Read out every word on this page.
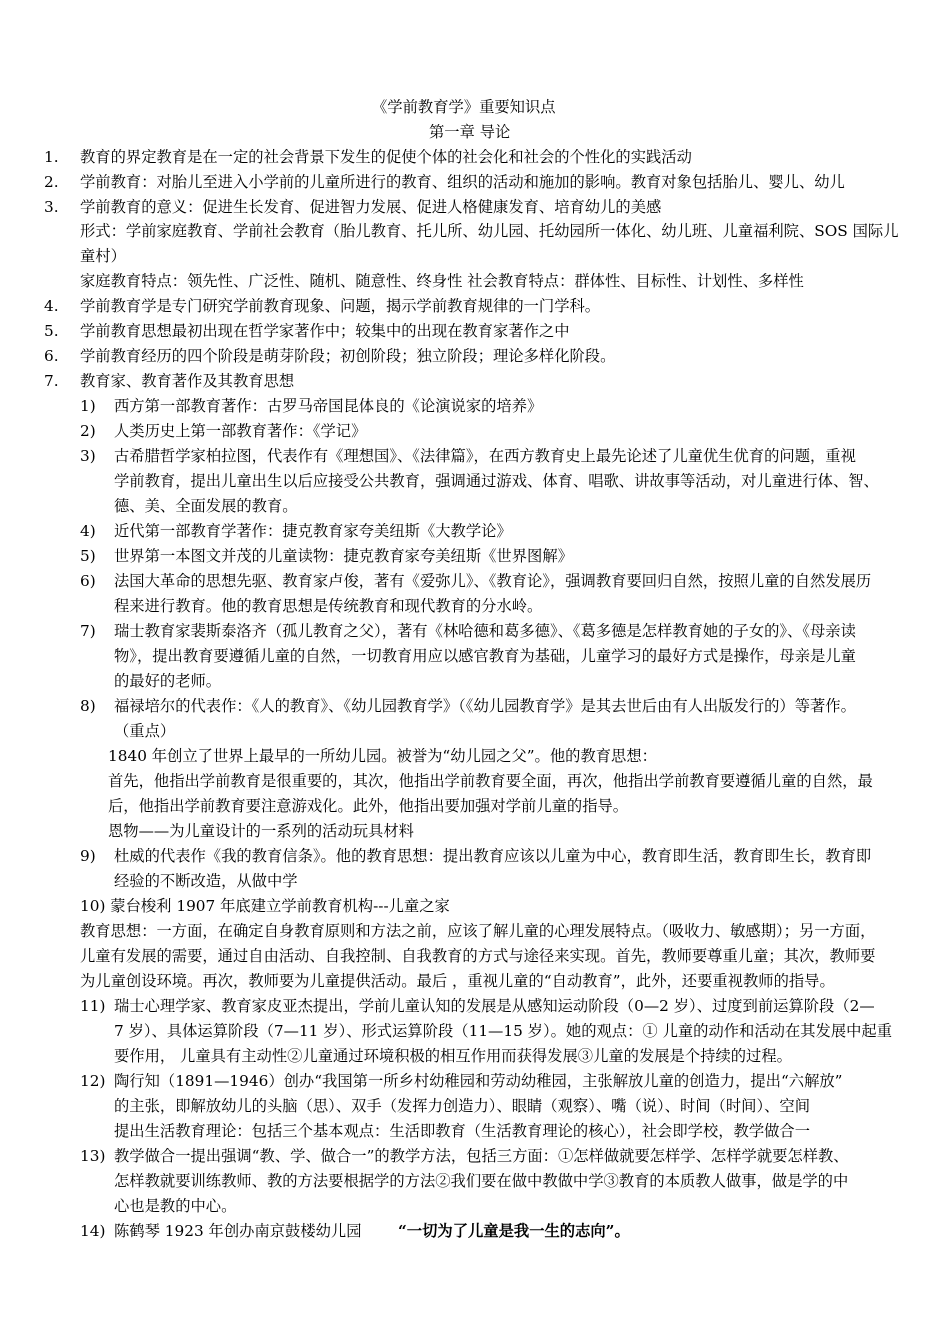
《学前教育学》重要知识点
第一章 导论
1. 教育的界定教育是在一定的社会背景下发生的促使个体的社会化和社会的个性化的实践活动
2. 学前教育：对胎儿至进入小学前的儿童所进行的教育、组织的活动和施加的影响。教育对象包括胎儿、婴儿、幼儿
3. 学前教育的意义：促进生长发育、促进智力发展、促进人格健康发育、培育幼儿的美感
形式：学前家庭教育、学前社会教育（胎儿教育、托儿所、幼儿园、托幼园所一体化、幼儿班、儿童福利院、SOS 国际儿
童村）
家庭教育特点：领先性、广泛性、随机、随意性、终身性 社会教育特点：群体性、目标性、计划性、多样性
4. 学前教育学是专门研究学前教育现象、问题，揭示学前教育规律的一门学科。
5. 学前教育思想最初出现在哲学家著作中；较集中的出现在教育家著作之中
6. 学前教育经历的四个阶段是萌芽阶段；初创阶段；独立阶段；理论多样化阶段。
7. 教育家、教育著作及其教育思想
1) 西方第一部教育著作：古罗马帝国昆体良的《论演说家的培养》
2) 人类历史上第一部教育著作：《学记》
3) 古希腊哲学家柏拉图，代表作有《理想国》、《法律篇》，在西方教育史上最先论述了儿童优生优育的问题，重视
学前教育，提出儿童出生以后应接受公共教育，强调通过游戏、体育、唱歌、讲故事等活动，对儿童进行体、智、
德、美、全面发展的教育。
4) 近代第一部教育学著作：捷克教育家夸美纽斯《大教学论》
5) 世界第一本图文并茂的儿童读物：捷克教育家夸美纽斯《世界图解》
6) 法国大革命的思想先驱、教育家卢俊，著有《爱弥儿》、《教育论》，强调教育要回归自然，按照儿童的自然发展历
程来进行教育。他的教育思想是传统教育和现代教育的分水岭。
7) 瑞士教育家裴斯泰洛齐（孤儿教育之父），著有《林哈德和葛多德》、《葛多德是怎样教育她的子女的》、《母亲读
物》，提出教育要遵循儿童的自然，一切教育用应以感官教育为基础，儿童学习的最好方式是操作，母亲是儿童
的最好的老师。
8) 福禄培尔的代表作：《人的教育》、《幼儿园教育学》（《幼儿园教育学》是其去世后由有人出版发行的）等著作。
（重点）
1840 年创立了世界上最早的一所幼儿园。被誉为“幼儿园之父”。他的教育思想：
首先，他指出学前教育是很重要的，其次，他指出学前教育要全面，再次，他指出学前教育要遵循儿童的自然，最
后，他指出学前教育要注意游戏化。此外，他指出要加强对学前儿童的指导。
恩物——为儿童设计的一系列的活动玩具材料
9) 杜威的代表作《我的教育信条》。他的教育思想：提出教育应该以儿童为中心，教育即生活，教育即生长，教育即
经验的不断改造，从做中学
10) 蒙台梭利 1907 年底建立学前教育机构---儿童之家
教育思想：一方面，在确定自身教育原则和方法之前，应该了解儿童的心理发展特点。（吸收力、敏感期）；另一方面，
儿童有发展的需要，通过自由活动、自我控制、自我教育的方式与途径来实现。首先，教师要尊重儿童；其次，教师要
为儿童创设环境。再次，教师要为儿童提供活动。最后 ，重视儿童的“自动教育”，此外，还要重视教师的指导。
11) 瑞士心理学家、教育家皮亚杰提出，学前儿童认知的发展是从感知运动阶段（0—2 岁）、过度到前运算阶段（2—
7 岁）、具体运算阶段（7—11 岁）、形式运算阶段（11—15 岁）。她的观点：① 儿童的动作和活动在其发展中起重
要作用， 儿童具有主动性②儿童通过环境积极的相互作用而获得发展③儿童的发展是个持续的过程。
12) 陶行知（1891—1946）创办“我国第一所乡村幼稚园和劳动幼稚园，主张解放儿童的创造力，提出“六解放”
的主张，即解放幼儿的头脑（思）、双手（发挥力创造力）、眼睛（观察）、嘴（说）、时间（时间）、空间
提出生活教育理论：包括三个基本观点：生活即教育（生活教育理论的核心），社会即学校，教学做合一
13) 教学做合一提出强调“教、学、做合一”的教学方法，包括三方面：①怎样做就要怎样学、怎样学就要怎样教、
怎样教就要训练教师、教的方法要根据学的方法②我们要在做中教做中学③教育的本质教人做事，做是学的中
心也是教的中心。
14) 陈鹤琴 1923 年创办南京鼓楼幼儿园 “一切为了儿童是我一生的志向”。
